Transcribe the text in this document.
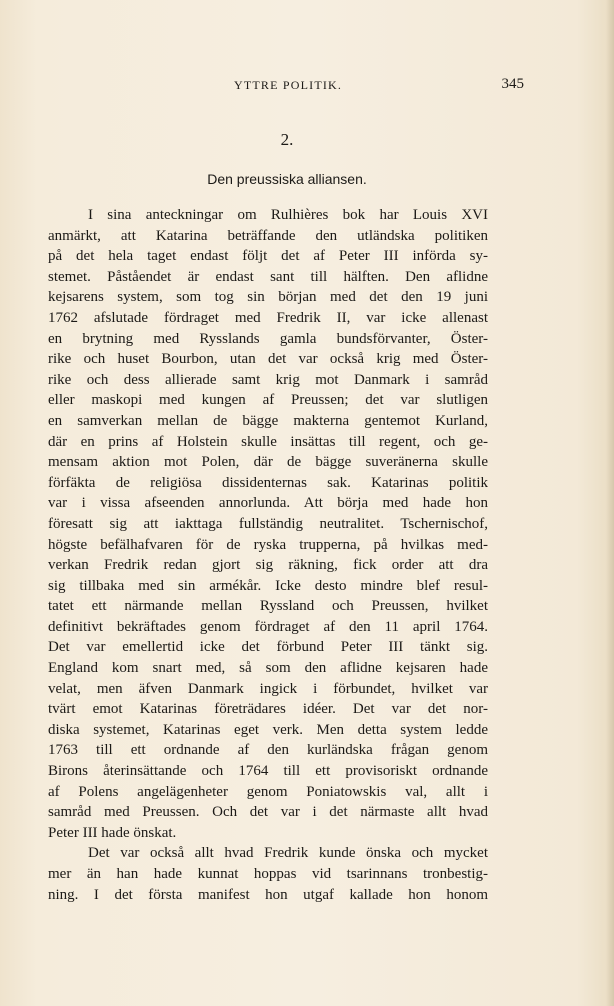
YTTRE POLITIK.	345
2.
Den preussiska alliansen.
I sina anteckningar om Rulhières bok har Louis XVI
anmärkt, att Katarina beträffande den utländska politiken
på det hela taget endast följt det af Peter III införda sy-
stemet. Påståendet är endast sant till hälften. Den aflidne
kejsarens system, som tog sin början med det den 19 juni
1762 afslutade fördraget med Fredrik II, var icke allenast
en brytning med Rysslands gamla bundsförvanter, Öster-
rike och huset Bourbon, utan det var också krig med Öster-
rike och dess allierade samt krig mot Danmark i samråd
eller maskopi med kungen af Preussen; det var slutligen
en samverkan mellan de bägge makterna gentemot Kurland,
där en prins af Holstein skulle insättas till regent, och ge-
mensam aktion mot Polen, där de bägge suveränerna skulle
förfäkta de religiösa dissidenternas sak. Katarinas politik
var i vissa afseenden annorlunda. Att börja med hade hon
föresatt sig att iakttaga fullständig neutralitet. Tschernischof,
högste befälhafvaren för de ryska trupperna, på hvilkas med-
verkan Fredrik redan gjort sig räkning, fick order att dra
sig tillbaka med sin armékår. Icke desto mindre blef resul-
tatet ett närmande mellan Ryssland och Preussen, hvilket
definitivt bekräftades genom fördraget af den 11 april 1764.
Det var emellertid icke det förbund Peter III tänkt sig.
England kom snart med, så som den aflidne kejsaren hade
velat, men äfven Danmark ingick i förbundet, hvilket var
tvärt emot Katarinas företrädares idéer. Det var det nor-
diska systemet, Katarinas eget verk. Men detta system ledde
1763 till ett ordnande af den kurländska frågan genom
Birons återinsättande och 1764 till ett provisoriskt ordnande
af Polens angelägenheter genom Poniatowskis val, allt i
samråd med Preussen. Och det var i det närmaste allt hvad
Peter III hade önskat.
Det var också allt hvad Fredrik kunde önska och mycket
mer än han hade kunnat hoppas vid tsarinnans tronbestig-
ning. I det första manifest hon utgaf kallade hon honom
